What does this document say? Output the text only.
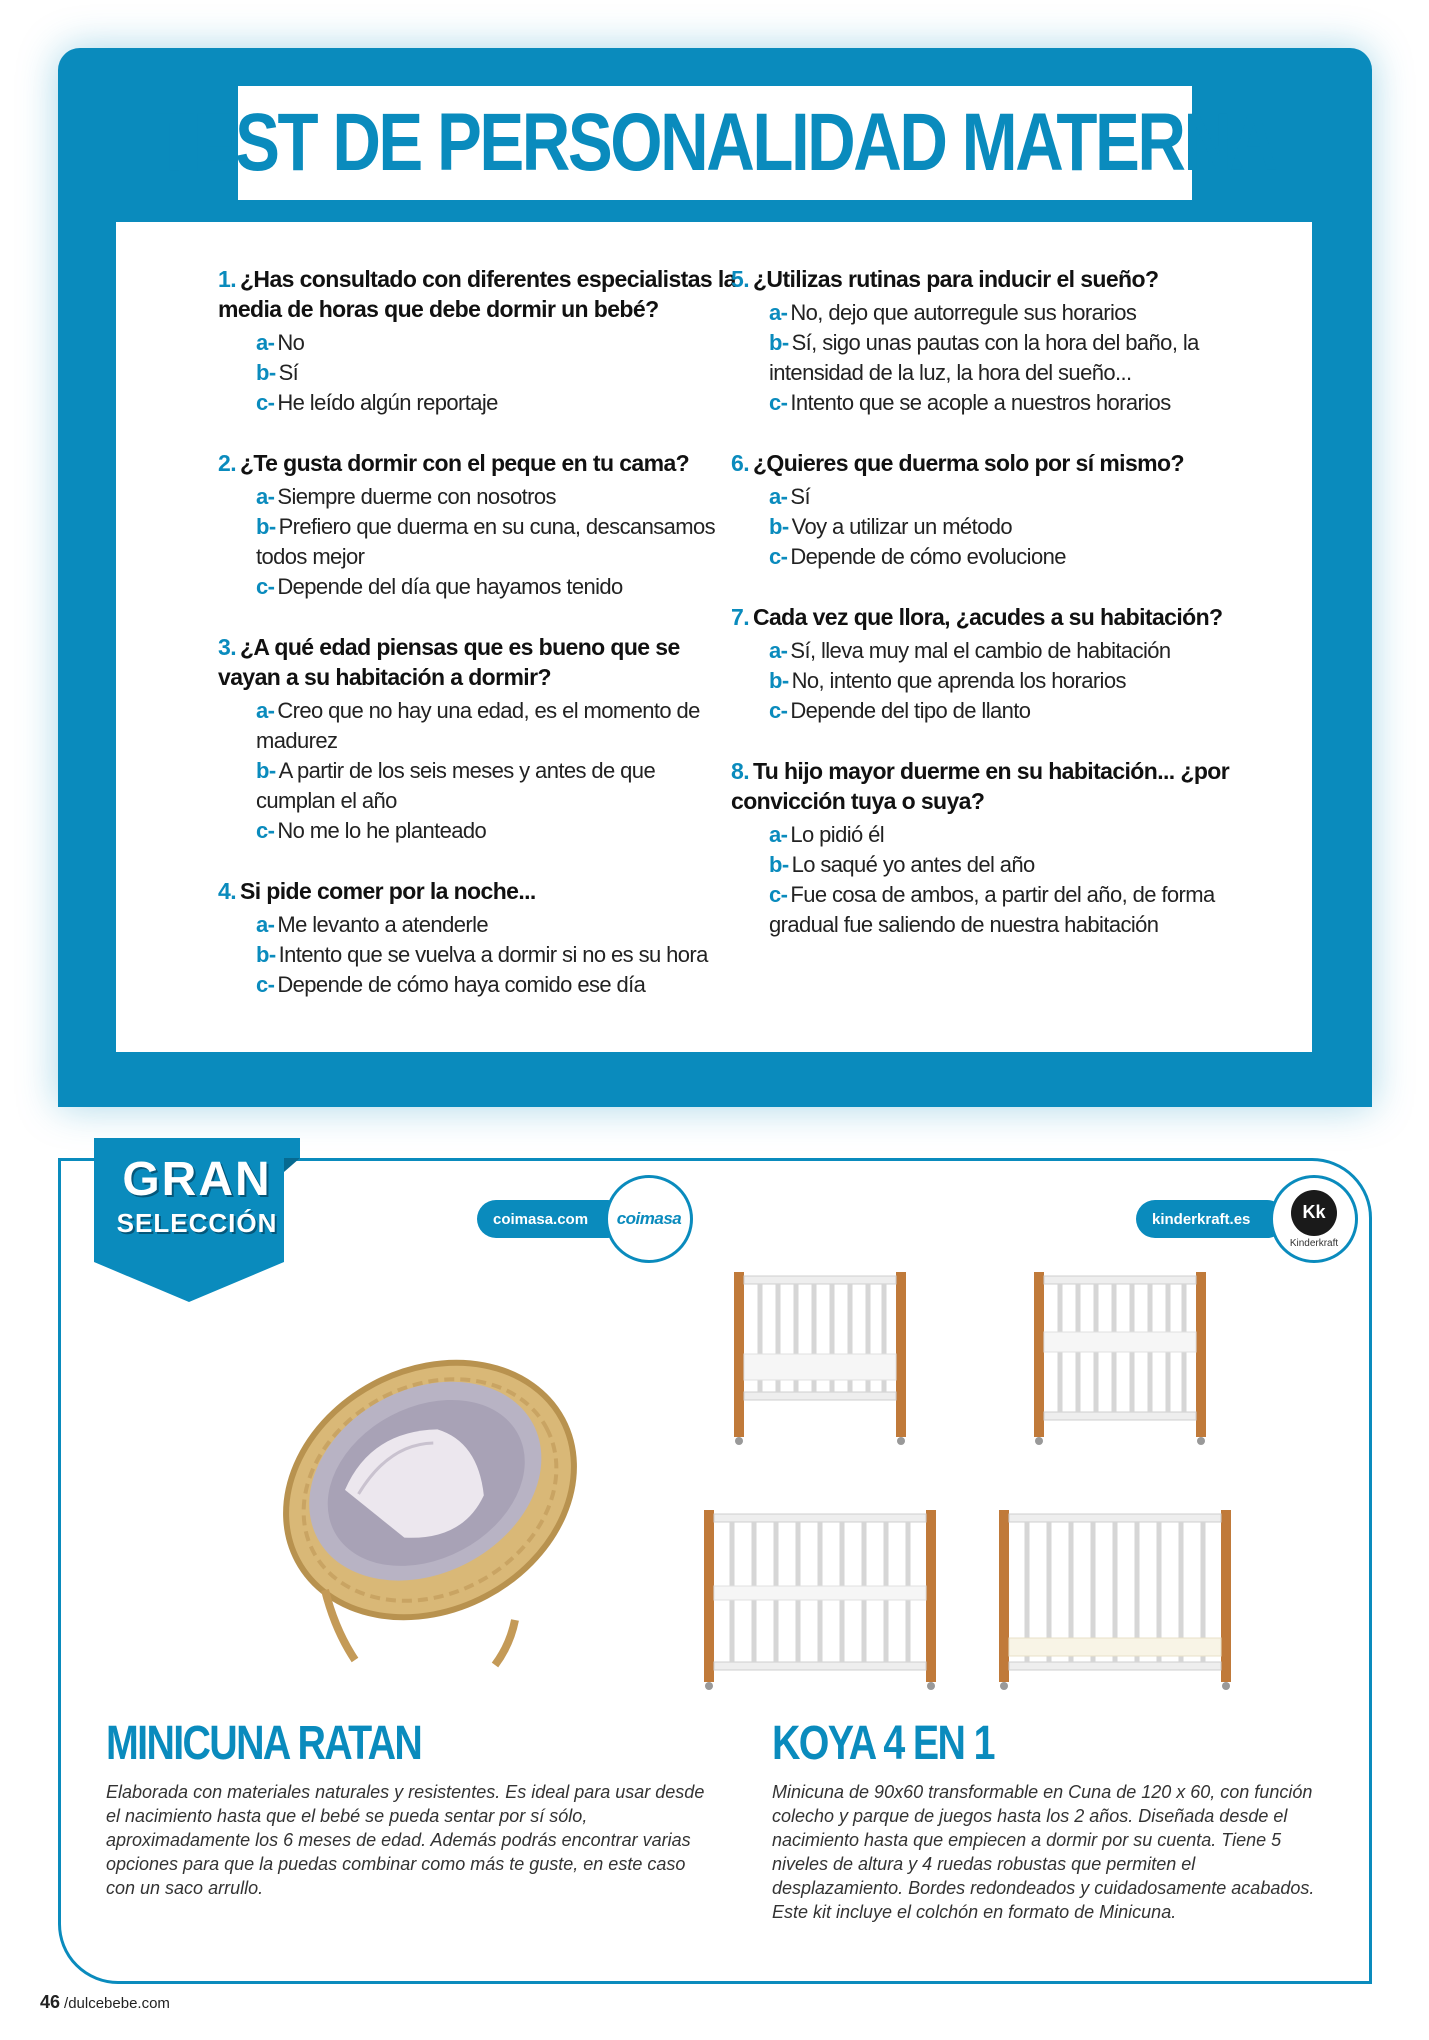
TEST DE PERSONALIDAD MATERNA
1. ¿Has consultado con diferentes especialistas la media de horas que debe dormir un bebé?
a- No
b- Sí
c- He leído algún reportaje
2. ¿Te gusta dormir con el peque en tu cama?
a- Siempre duerme con nosotros
b- Prefiero que duerma en su cuna, descansamos todos mejor
c- Depende del día que hayamos tenido
3. ¿A qué edad piensas que es bueno que se vayan a su habitación a dormir?
a- Creo que no hay una edad, es el momento de madurez
b- A partir de los seis meses y antes de que cumplan el año
c- No me lo he planteado
4. Si pide comer por la noche...
a- Me levanto a atenderle
b- Intento que se vuelva a dormir si no es su hora
c- Depende de cómo haya comido ese día
5. ¿Utilizas rutinas para inducir el sueño?
a- No, dejo que autorregule sus horarios
b- Sí, sigo unas pautas con la hora del baño, la intensidad de la luz, la hora del sueño...
c- Intento que se acople a nuestros horarios
6. ¿Quieres que duerma solo por sí mismo?
a- Sí
b- Voy a utilizar un método
c- Depende de cómo evolucione
7. Cada vez que llora, ¿acudes a su habitación?
a- Sí, lleva muy mal el cambio de habitación
b- No, intento que aprenda los horarios
c- Depende del tipo de llanto
8. Tu hijo mayor duerme en su habitación... ¿por convicción tuya o suya?
a- Lo pidió él
b- Lo saqué yo antes del año
c- Fue cosa de ambos, a partir del año, de forma gradual fue saliendo de nuestra habitación
GRAN
SELECCIÓN	coimasa.com coimasa	kinderkraft.es	Kk
Kinderkraft
MINICUNA RATAN

Elaborada con materiales naturales y resistentes. Es ideal para usar desde el nacimiento hasta que el bebé se pueda sentar por sí sólo, aproximadamente los 6 meses de edad. Además podrás encontrar varias opciones para que la puedas combinar como más te guste, en este caso con un saco arrullo.

KOYA 4 EN 1

Minicuna de 90x60 transformable en Cuna de 120 x 60, con función colecho y parque de juegos hasta los 2 años. Diseñada desde el nacimiento hasta que empiecen a dormir por su cuenta. Tiene 5 niveles de altura y 4 ruedas robustas que permiten el desplazamiento. Bordes redondeados y cuidadosamente acabados. Este kit incluye el colchón en formato de Minicuna.

46 /dulcebebe.com
